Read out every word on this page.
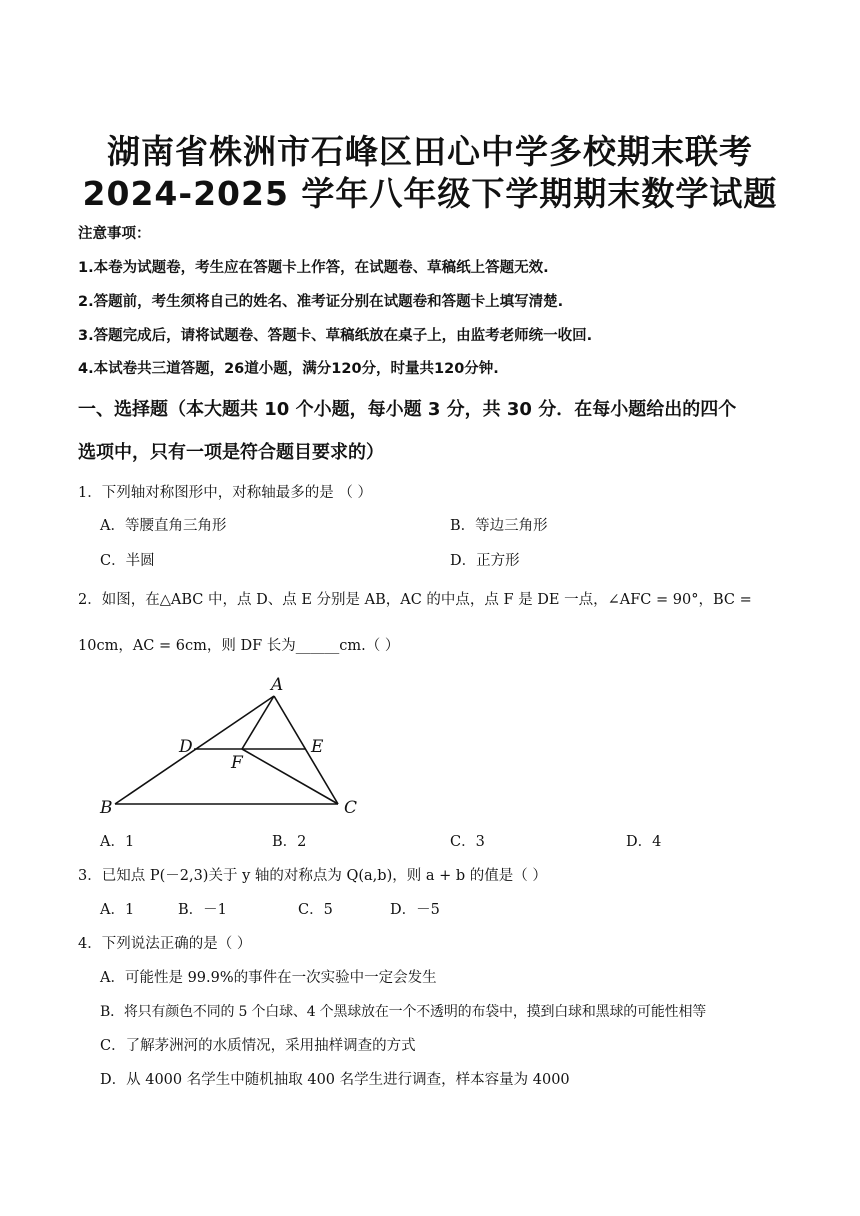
湖南省株洲市石峰区田心中学多校期末联考
2024-2025 学年八年级下学期期末数学试题
注意事项：
1.本卷为试题卷，考生应在答题卡上作答，在试题卷、草稿纸上答题无效.
2.答题前，考生须将自己的姓名、准考证分别在试题卷和答题卡上填写清楚.
3.答题完成后，请将试题卷、答题卡、草稿纸放在桌子上，由监考老师统一收回.
4.本试卷共三道答题，26道小题，满分120分，时量共120分钟.
一、选择题（本大题共 10 个小题，每小题 3 分，共 30 分．在每小题给出的四个
选项中，只有一项是符合题目要求的）
1．下列轴对称图形中，对称轴最多的是 （ ）
A．等腰直角三角形	B．等边三角形
C．半圆	D．正方形
2．如图，在△ABC 中，点 D、点 E 分别是 AB，AC 的中点，点 F 是 DE 一点，∠AFC = 90°，BC =
10cm，AC = 6cm，则 DF 长为______cm.（ ）
A
B	C
D	E
F
A．1	B．2	C．3	D．4
3．已知点 P(－2,3)关于 y 轴的对称点为 Q(a,b)，则 a + b 的值是（ ）
A．1	B．－1	C．5	D．－5
4．下列说法正确的是（ ）
A．可能性是 99.9%的事件在一次实验中一定会发生
B．将只有颜色不同的 5 个白球、4 个黑球放在一个不透明的布袋中，摸到白球和黑球的可能性相等
C．了解茅洲河的水质情况，采用抽样调查的方式
D．从 4000 名学生中随机抽取 400 名学生进行调查，样本容量为 4000
